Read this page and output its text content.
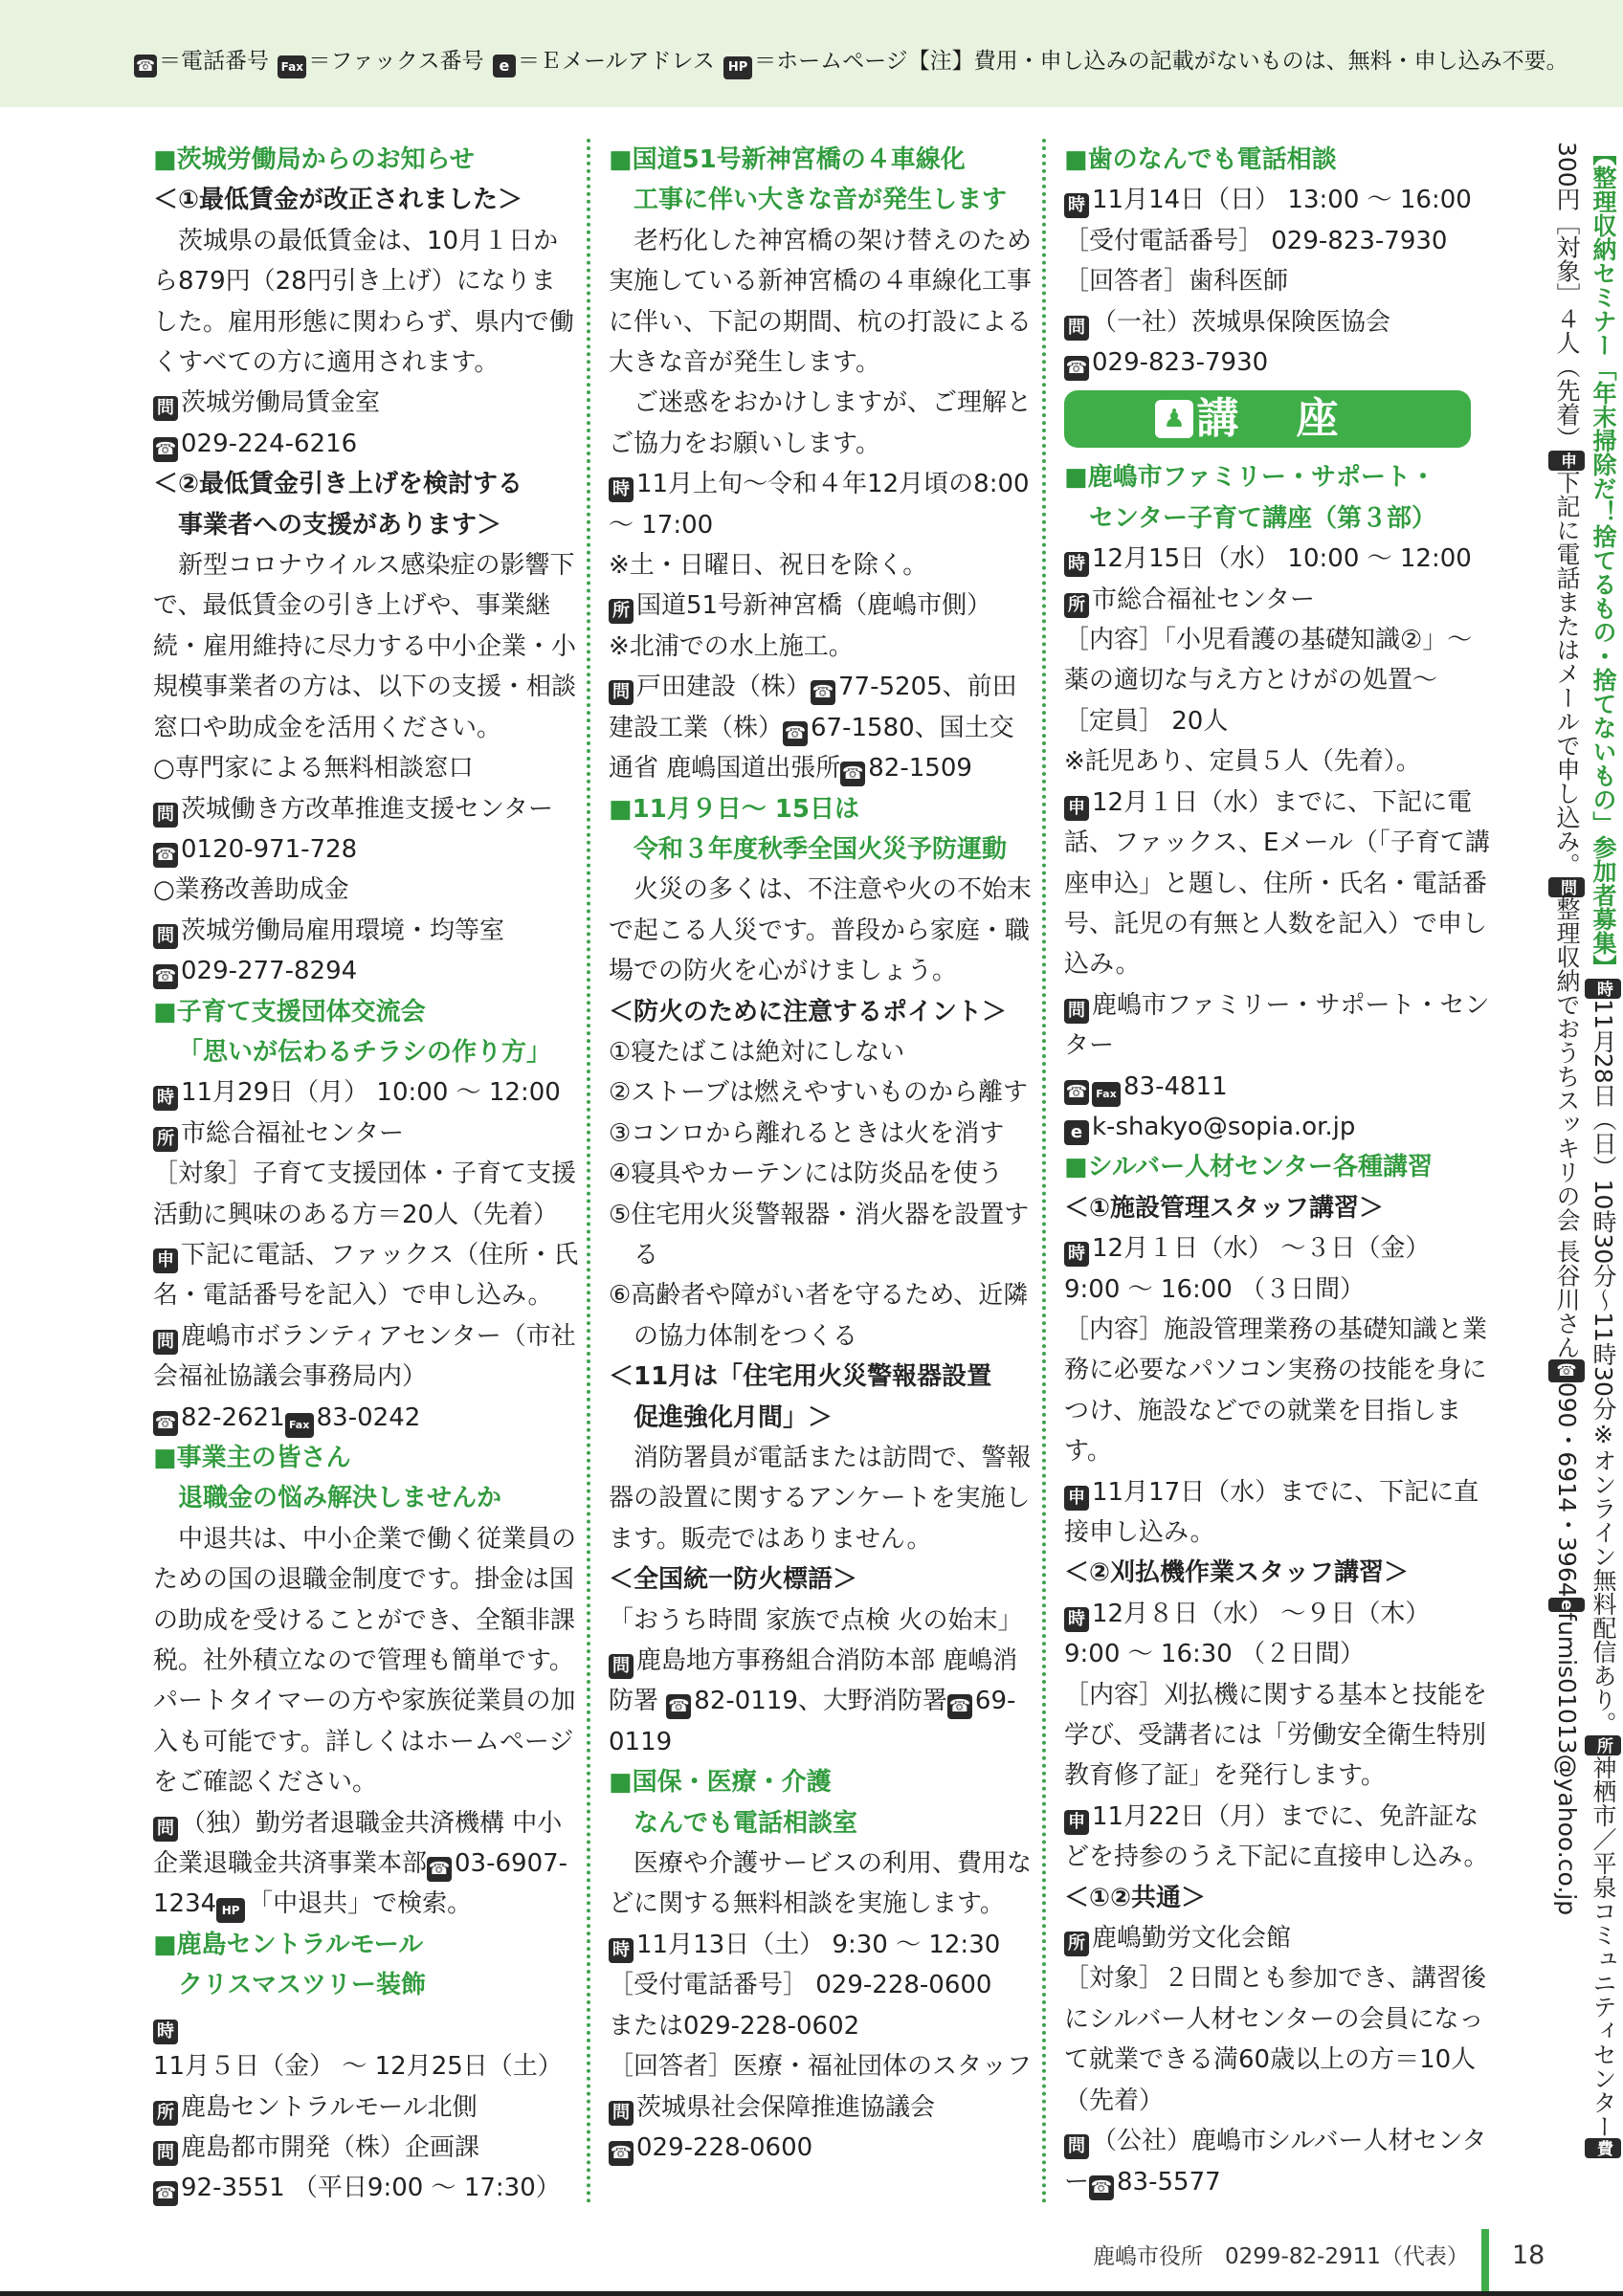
☎ ＝電話番号 Fax ＝ファックス番号 e ＝Ｅメールアドレス HP ＝ホームページ【注】費用・申し込みの記載がないものは、無料・申し込み不要。

■茨城労働局からのお知らせ

＜①最低賃金が改正されました＞

茨城県の最低賃金は、10月１日から879円（28円引き上げ）になりました。雇用形態に関わらず、県内で働くすべての方に適用されます。

問 茨城労働局賃金室

☎ 029-224-6216

＜②最低賃金引き上げを検討する

事業者への支援があります＞

新型コロナウイルス感染症の影響下で、最低賃金の引き上げや、事業継続・雇用維持に尽力する中小企業・小規模事業者の方は、以下の支援・相談窓口や助成金を活用ください。

○専門家による無料相談窓口

問 茨城働き方改革推進支援センター

☎ 0120-971-728

○業務改善助成金

問 茨城労働局雇用環境・均等室

☎ 029-277-8294

■子育て支援団体交流会

「思いが伝わるチラシの作り方」

時 11月29日（月） 10:00 ～ 12:00

所 市総合福祉センター

［対象］子育て支援団体・子育て支援活動に興味のある方＝20人（先着）

申 下記に電話、ファックス（住所・氏名・電話番号を記入）で申し込み。

問 鹿嶋市ボランティアセンター（市社会福祉協議会事務局内）

☎ 82-2621 Fax 83-0242

■事業主の皆さん

退職金の悩み解決しませんか

中退共は、中小企業で働く従業員のための国の退職金制度です。掛金は国の助成を受けることができ、全額非課税。社外積立なので管理も簡単です。パートタイマーの方や家族従業員の加入も可能です。詳しくはホームページをご確認ください。

問 （独）勤労者退職金共済機構 中小企業退職金共済事業本部☎ 03-6907-1234 HP 「中退共」で検索。

■鹿島セントラルモール

クリスマスツリー装飾

時11月５日（金） ～ 12月25日（土）

所 鹿島セントラルモール北側

問 鹿島都市開発（株）企画課

☎ 92-3551 （平日9:00 ～ 17:30）

■国道51号新神宮橋の４車線化

工事に伴い大きな音が発生します

老朽化した神宮橋の架け替えのため実施している新神宮橋の４車線化工事に伴い、下記の期間、杭の打設による大きな音が発生します。

ご迷惑をおかけしますが、ご理解とご協力をお願いします。

時 11月上旬～令和４年12月頃の8:00 ～ 17:00

※土・日曜日、祝日を除く。

所 国道51号新神宮橋（鹿嶋市側）

※北浦での水上施工。

問 戸田建設（株）☎ 77-5205、前田建設工業（株）☎ 67-1580、国土交通省 鹿嶋国道出張所☎ 82-1509

■11月９日～ 15日は

令和３年度秋季全国火災予防運動

火災の多くは、不注意や火の不始末で起こる人災です。普段から家庭・職場での防火を心がけましょう。

＜防火のために注意するポイント＞

①寝たばこは絶対にしない

②ストーブは燃えやすいものから離す

③コンロから離れるときは火を消す

④寝具やカーテンには防炎品を使う

⑤住宅用火災警報器・消火器を設置する

⑥高齢者や障がい者を守るため、近隣の協力体制をつくる

＜11月は「住宅用火災警報器設置

促進強化月間」＞

消防署員が電話または訪問で、警報器の設置に関するアンケートを実施します。販売ではありません。

＜全国統一防火標語＞

「おうち時間 家族で点検 火の始末」

問 鹿島地方事務組合消防本部 鹿嶋消防署 ☎ 82-0119、大野消防署☎ 69-0119

■国保・医療・介護

なんでも電話相談室

医療や介護サービスの利用、費用などに関する無料相談を実施します。

時 11月13日（土） 9:30 ～ 12:30

［受付電話番号］ 029-228-0600

または029-228-0602

［回答者］医療・福祉団体のスタッフ

問 茨城県社会保障推進協議会

☎ 029-228-0600

■歯のなんでも電話相談

時 11月14日（日） 13:00 ～ 16:00

［受付電話番号］ 029-823-7930

［回答者］歯科医師

問 （一社）茨城県保険医協会

☎ 029-823-7930

♟ 講座

■鹿嶋市ファミリー・サポート・

センター子育て講座（第３部）

時 12月15日（水） 10:00 ～ 12:00

所 市総合福祉センター

［内容］「小児看護の基礎知識②」～薬の適切な与え方とけがの処置～

［定員］ 20人

※託児あり、定員５人（先着）。

申 12月１日（水）までに、下記に電話、ファックス、Eメール（「子育て講座申込」と題し、住所・氏名・電話番号、託児の有無と人数を記入）で申し込み。

問 鹿嶋市ファミリー・サポート・センター

☎ Fax 83-4811

e k-shakyo@sopia.or.jp

■シルバー人材センター各種講習

＜①施設管理スタッフ講習＞

時 12月１日（水） ～３日（金） 9:00 ～ 16:00 （３日間）

［内容］施設管理業務の基礎知識と業務に必要なパソコン実務の技能を身につけ、施設などでの就業を目指します。

申 11月17日（水）までに、下記に直接申し込み。

＜②刈払機作業スタッフ講習＞

時 12月８日（水） ～９日（木） 9:00 ～ 16:30 （２日間）

［内容］刈払機に関する基本と技能を学び、受講者には「労働安全衛生特別教育修了証」を発行します。

申 11月22日（月）までに、免許証などを持参のうえ下記に直接申し込み。

＜①②共通＞

所 鹿嶋勤労文化会館

［対象］２日間とも参加でき、講習後にシルバー人材センターの会員になって就業できる満60歳以上の方＝10人（先着）

問 （公社）鹿嶋市シルバー人材センター☎ 83-5577

【整理収納セミナー「年末掃除だ！捨てるもの・捨てないもの」参加者募集】時11月28日（日）10時30分～11時30分※オンライン無料配信あり。所神栖市／平泉コミュニティセンター費300円［対象］４人（先着）申下記に電話またはメールで申し込み。問整理収納でおうちスッキリの会 長谷川さん☎090・6914・3964efumis01013@yahoo.co.jp
鹿嶋市役所　0299-82-2911（代表） 18
